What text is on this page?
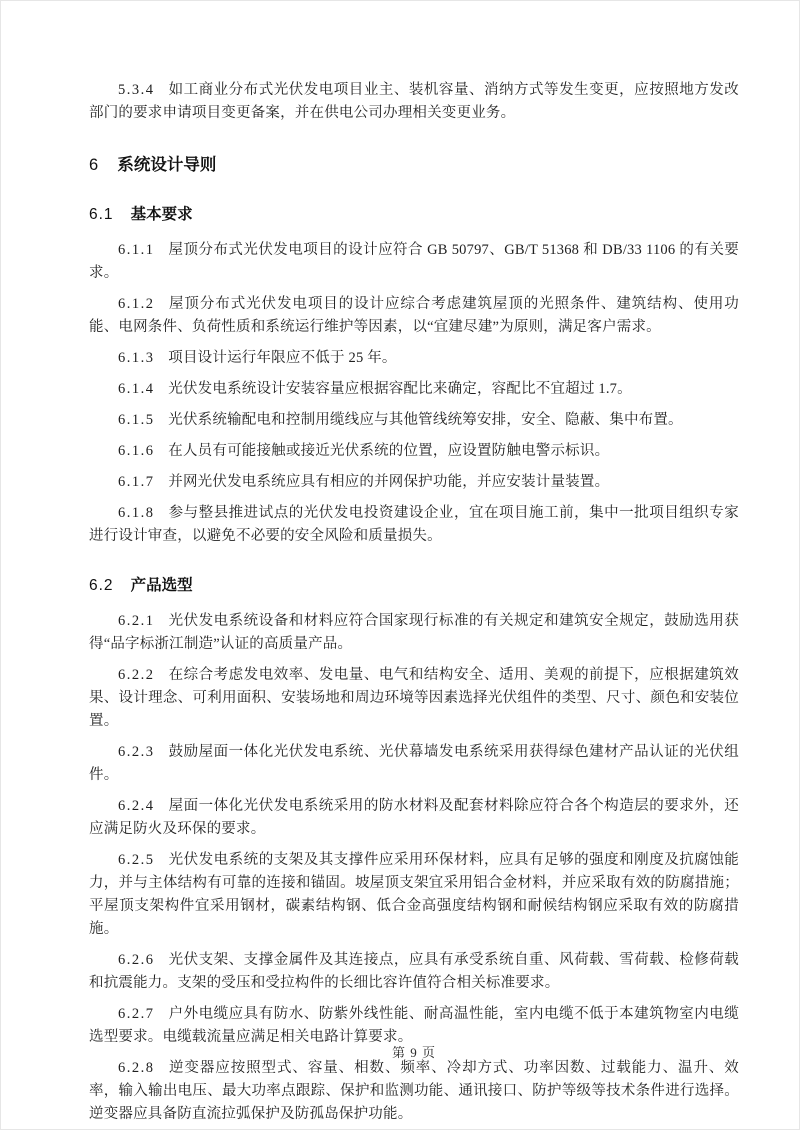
5.3.4 如工商业分布式光伏发电项目业主、装机容量、消纳方式等发生变更，应按照地方发改部门的要求申请项目变更备案，并在供电公司办理相关变更业务。

6 系统设计导则
6.1 基本要求

6.1.1 屋顶分布式光伏发电项目的设计应符合 GB 50797、GB/T 51368 和 DB/33 1106 的有关要求。

6.1.2 屋顶分布式光伏发电项目的设计应综合考虑建筑屋顶的光照条件、建筑结构、使用功能、电网条件、负荷性质和系统运行维护等因素，以“宜建尽建”为原则，满足客户需求。

6.1.3 项目设计运行年限应不低于 25 年。

6.1.4 光伏发电系统设计安装容量应根据容配比来确定，容配比不宜超过 1.7。

6.1.5 光伏系统输配电和控制用缆线应与其他管线统筹安排，安全、隐蔽、集中布置。

6.1.6 在人员有可能接触或接近光伏系统的位置，应设置防触电警示标识。

6.1.7 并网光伏发电系统应具有相应的并网保护功能，并应安装计量装置。

6.1.8 参与整县推进试点的光伏发电投资建设企业，宜在项目施工前，集中一批项目组织专家进行设计审查，以避免不必要的安全风险和质量损失。

6.2 产品选型

6.2.1 光伏发电系统设备和材料应符合国家现行标准的有关规定和建筑安全规定，鼓励选用获得“品字标浙江制造”认证的高质量产品。

6.2.2 在综合考虑发电效率、发电量、电气和结构安全、适用、美观的前提下，应根据建筑效果、设计理念、可利用面积、安装场地和周边环境等因素选择光伏组件的类型、尺寸、颜色和安装位置。

6.2.3 鼓励屋面一体化光伏发电系统、光伏幕墙发电系统采用获得绿色建材产品认证的光伏组件。

6.2.4 屋面一体化光伏发电系统采用的防水材料及配套材料除应符合各个构造层的要求外，还应满足防火及环保的要求。

6.2.5 光伏发电系统的支架及其支撑件应采用环保材料，应具有足够的强度和刚度及抗腐蚀能力，并与主体结构有可靠的连接和锚固。坡屋顶支架宜采用铝合金材料，并应采取有效的防腐措施；平屋顶支架构件宜采用钢材，碳素结构钢、低合金高强度结构钢和耐候结构钢应采取有效的防腐措施。

6.2.6 光伏支架、支撑金属件及其连接点，应具有承受系统自重、风荷载、雪荷载、检修荷载和抗震能力。支架的受压和受拉构件的长细比容许值符合相关标准要求。

6.2.7 户外电缆应具有防水、防紫外线性能、耐高温性能，室内电缆不低于本建筑物室内电缆选型要求。电缆载流量应满足相关电路计算要求。

6.2.8 逆变器应按照型式、容量、相数、频率、冷却方式、功率因数、过载能力、温升、效率，输入输出电压、最大功率点跟踪、保护和监测功能、通讯接口、防护等级等技术条件进行选择。逆变器应具备防直流拉弧保护及防孤岛保护功能。

第 9 页
